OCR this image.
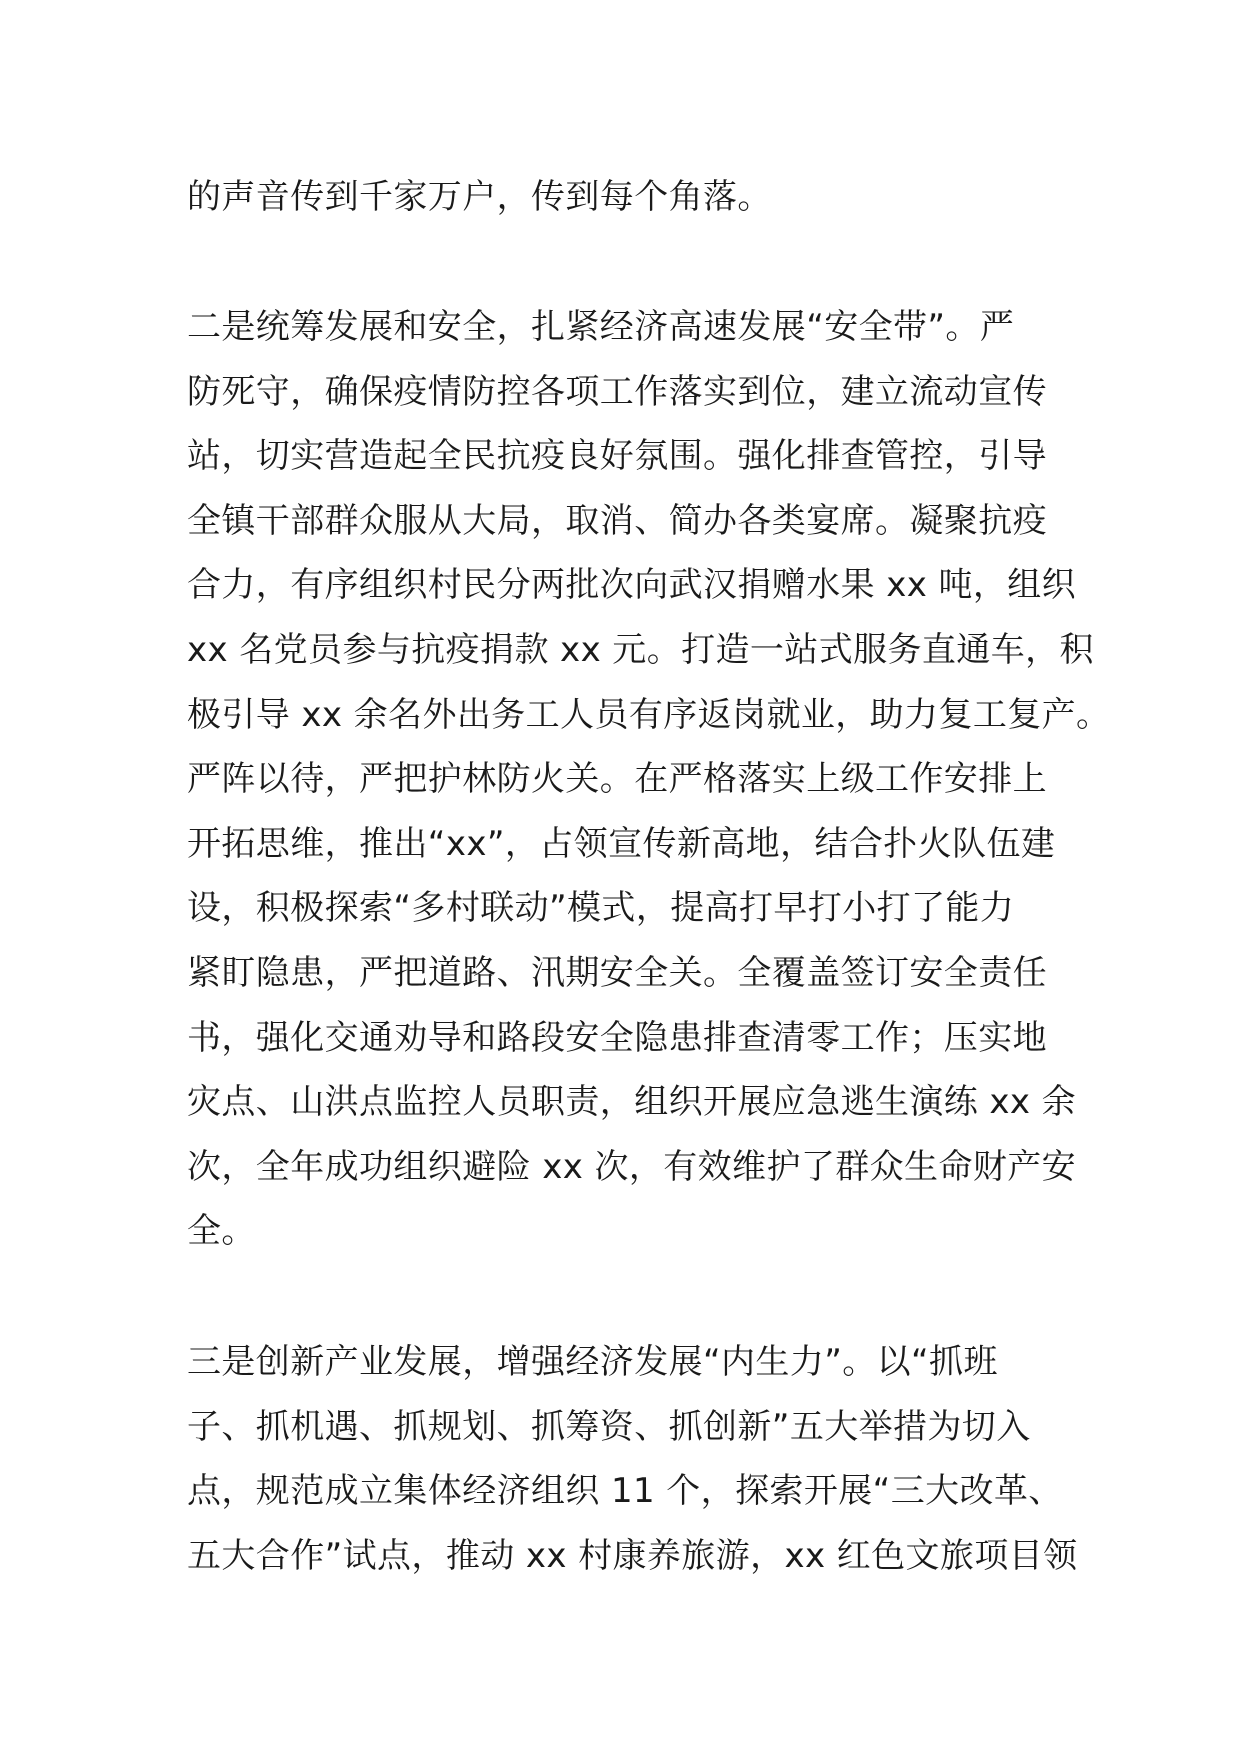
的声音传到千家万户，传到每个角落。
二是统筹发展和安全，扎紧经济高速发展“安全带”。严
防死守，确保疫情防控各项工作落实到位，建立流动宣传
站，切实营造起全民抗疫良好氛围。强化排查管控，引导
全镇干部群众服从大局，取消、简办各类宴席。凝聚抗疫
合力，有序组织村民分两批次向武汉捐赠水果 xx 吨，组织
xx 名党员参与抗疫捐款 xx 元。打造一站式服务直通车，积
极引导 xx 余名外出务工人员有序返岗就业，助力复工复产。
严阵以待，严把护林防火关。在严格落实上级工作安排上
开拓思维，推出“xx”，占领宣传新高地，结合扑火队伍建
设，积极探索“多村联动”模式，提高打早打小打了能力
紧盯隐患，严把道路、汛期安全关。全覆盖签订安全责任
书，强化交通劝导和路段安全隐患排查清零工作；压实地
灾点、山洪点监控人员职责，组织开展应急逃生演练 xx 余
次，全年成功组织避险 xx 次，有效维护了群众生命财产安
全。
三是创新产业发展，增强经济发展“内生力”。以“抓班
子、抓机遇、抓规划、抓筹资、抓创新”五大举措为切入
点，规范成立集体经济组织 11 个，探索开展“三大改革、
五大合作”试点，推动 xx 村康养旅游，xx 红色文旅项目领
